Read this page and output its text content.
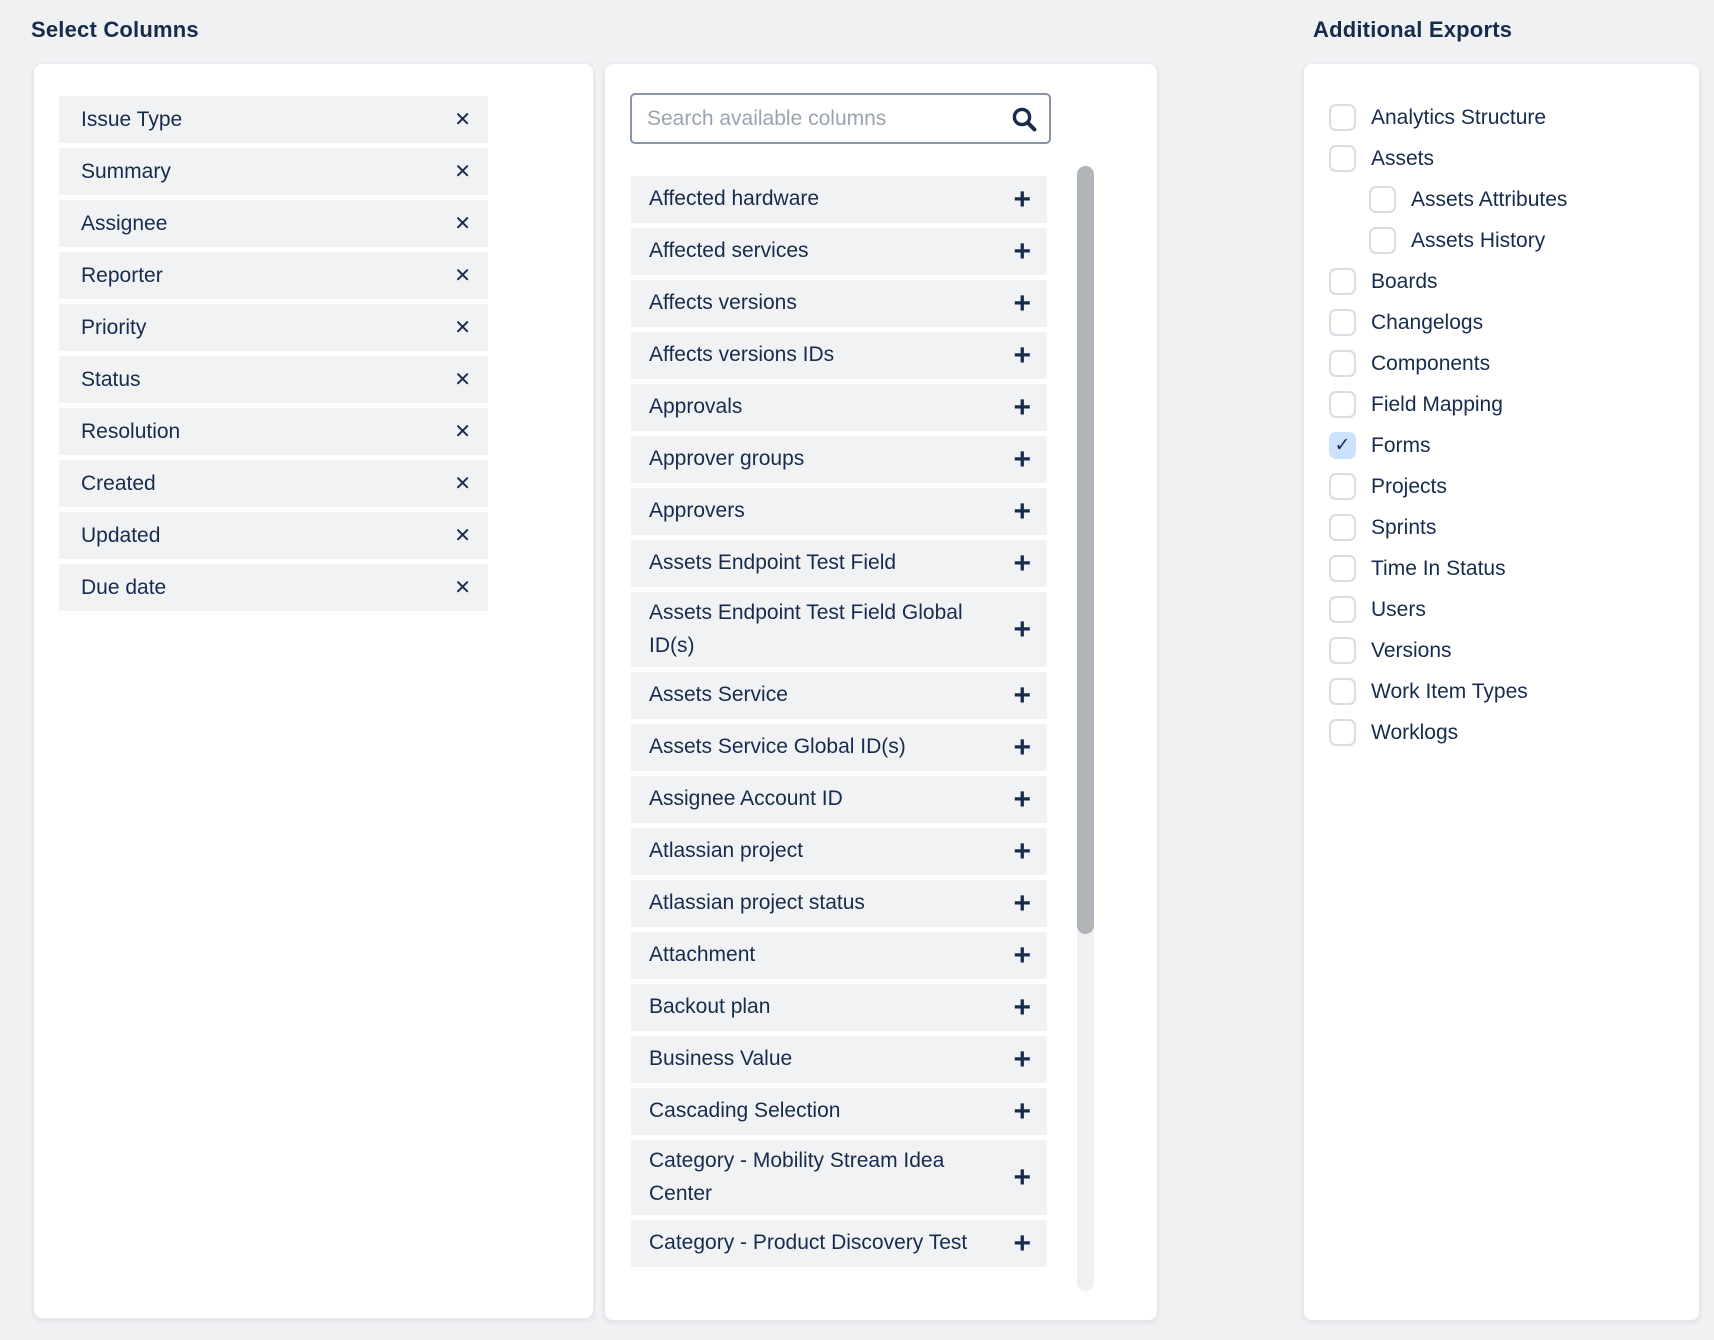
Select Columns	Additional Exports
Issue Type	✕
Summary	✕
Assignee	✕
Reporter	✕
Priority	✕
Status	✕
Resolution	✕
Created	✕
Updated	✕
Due date	✕
Search available columns
Affected hardware	+
Affected services	+
Affects versions	+
Affects versions IDs	+
Approvals	+
Approver groups	+
Approvers	+
Assets Endpoint Test Field	+
Assets Endpoint Test Field Global ID(s)	+
Assets Service	+
Assets Service Global ID(s)	+
Assignee Account ID	+
Atlassian project	+
Atlassian project status	+
Attachment	+
Backout plan	+
Business Value	+
Cascading Selection	+
Category - Mobility Stream Idea Center	+
Category - Product Discovery Test +
Analytics Structure
Assets
Assets Attributes
Assets History
Boards
Changelogs
Components
Field Mapping
✓ Forms
Projects
Sprints
Time In Status
Users
Versions
Work Item Types
Worklogs
